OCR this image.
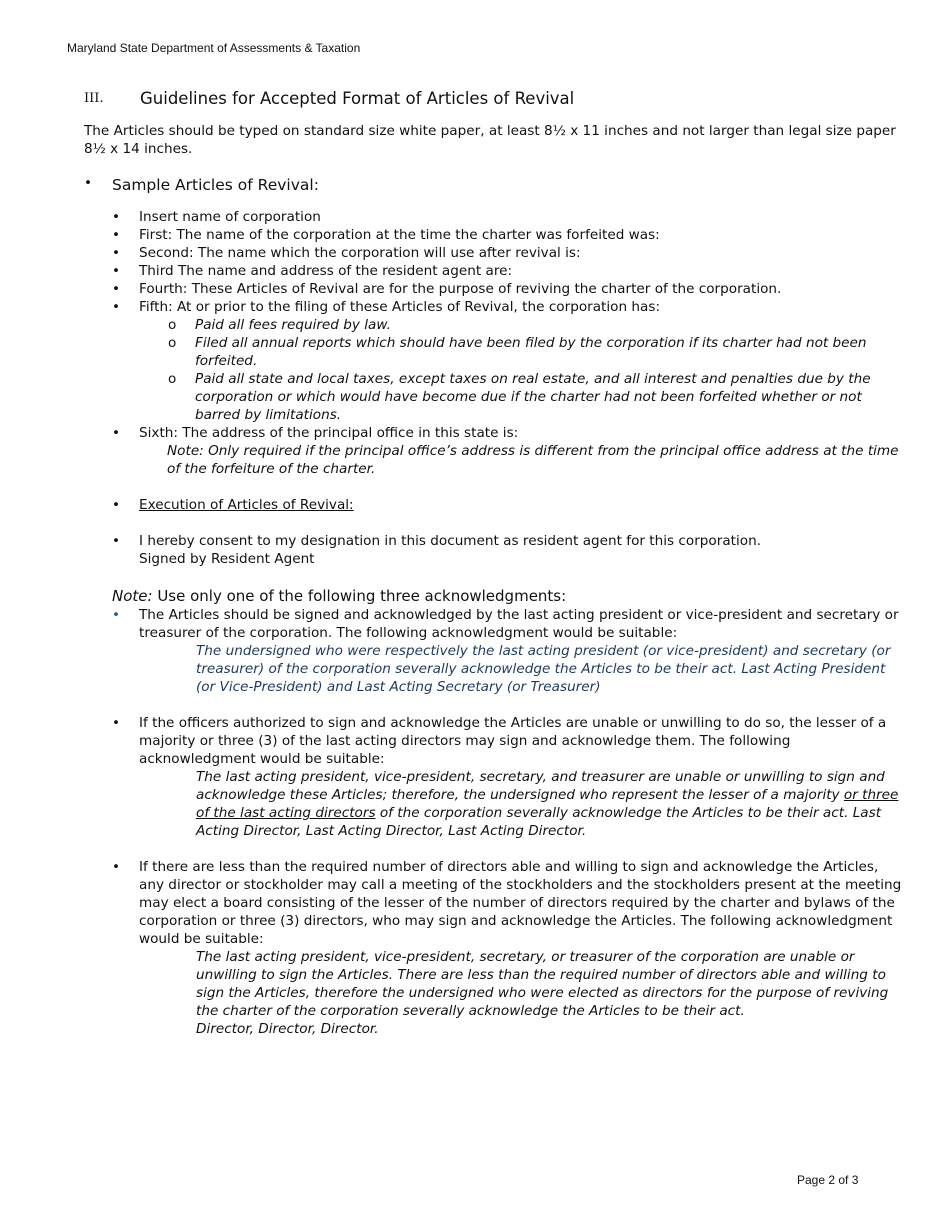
Maryland State Department of Assessments & Taxation
III.	Guidelines for Accepted Format of Articles of Revival

The Articles should be typed on standard size white paper, at least 8½ x 11 inches and not larger than legal size paper 8½ x 14 inches.

• Sample Articles of Revival:
• Insert name of corporation
• First: The name of the corporation at the time the charter was forfeited was:
• Second: The name which the corporation will use after revival is:
• Third The name and address of the resident agent are:
• Fourth: These Articles of Revival are for the purpose of reviving the charter of the corporation.
• Fifth: At or prior to the filing of these Articles of Revival, the corporation has:
o Paid all fees required by law.
o Filed all annual reports which should have been filed by the corporation if its charter had not been forfeited.
o Paid all state and local taxes, except taxes on real estate, and all interest and penalties due by the corporation or which would have become due if the charter had not been forfeited whether or not barred by limitations.
• Sixth: The address of the principal office in this state is:
Note: Only required if the principal office’s address is different from the principal office address at the time of the forfeiture of the charter.
• Execution of Articles of Revival:
• I hereby consent to my designation in this document as resident agent for this corporation.
Signed by Resident Agent
Note: Use only one of the following three acknowledgments:
• The Articles should be signed and acknowledged by the last acting president or vice-president and secretary or treasurer of the corporation. The following acknowledgment would be suitable:
The undersigned who were respectively the last acting president (or vice-president) and secretary (or treasurer) of the corporation severally acknowledge the Articles to be their act. Last Acting President (or Vice-President) and Last Acting Secretary (or Treasurer)
• If the officers authorized to sign and acknowledge the Articles are unable or unwilling to do so, the lesser of a majority or three (3) of the last acting directors may sign and acknowledge them. The following acknowledgment would be suitable:
The last acting president, vice-president, secretary, and treasurer are unable or unwilling to sign and acknowledge these Articles; therefore, the undersigned who represent the lesser of a majority or three of the last acting directors of the corporation severally acknowledge the Articles to be their act. Last Acting Director, Last Acting Director, Last Acting Director.
• If there are less than the required number of directors able and willing to sign and acknowledge the Articles, any director or stockholder may call a meeting of the stockholders and the stockholders present at the meeting may elect a board consisting of the lesser of the number of directors required by the charter and bylaws of the corporation or three (3) directors, who may sign and acknowledge the Articles. The following acknowledgment would be suitable:
The last acting president, vice-president, secretary, or treasurer of the corporation are unable or unwilling to sign the Articles. There are less than the required number of directors able and willing to sign the Articles, therefore the undersigned who were elected as directors for the purpose of reviving the charter of the corporation severally acknowledge the Articles to be their act.
Director, Director, Director.
Page 2 of 3
